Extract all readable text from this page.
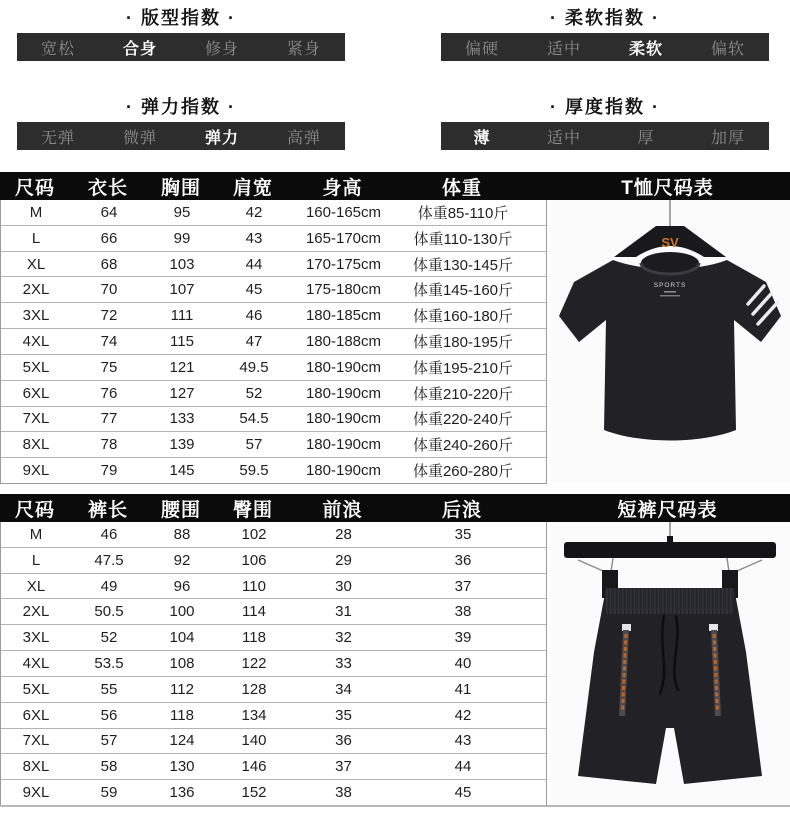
· 版型指数 ·
宽松	合身	修身	紧身
· 柔软指数 ·
偏硬	适中	柔软	偏软
· 弹力指数 ·
无弹	微弹	弹力	高弹
· 厚度指数 ·
薄	适中	厚	加厚
尺码	衣长	胸围	肩宽	身高	体重	T恤尺码表
M	64	95	42	160-165cm	体重85-110斤
L	66	99	43	165-170cm	体重110-130斤
XL	68	103	44	170-175cm	体重130-145斤
2XL	70	107	45	175-180cm	体重145-160斤
3XL	72	111	46	180-185cm	体重160-180斤
4XL	74	115	47	180-188cm	体重180-195斤
5XL	75	121	49.5	180-190cm	体重195-210斤
6XL	76	127	52	180-190cm	体重210-220斤
7XL	77	133	54.5	180-190cm	体重220-240斤
8XL	78	139	57	180-190cm	体重240-260斤
9XL	79	145	59.5	180-190cm	体重260-280斤
SV
SPORTS
尺码	裤长	腰围	臀围	前浪	后浪	短裤尺码表
M	46	88	102	28	35
L	47.5	92	106	29	36
XL	49	96	110	30	37
2XL	50.5	100	114	31	38
3XL	52	104	118	32	39
4XL	53.5	108	122	33	40
5XL	55	112	128	34	41
6XL	56	118	134	35	42
7XL	57	124	140	36	43
8XL	58	130	146	37	44
9XL	59	136	152	38	45
